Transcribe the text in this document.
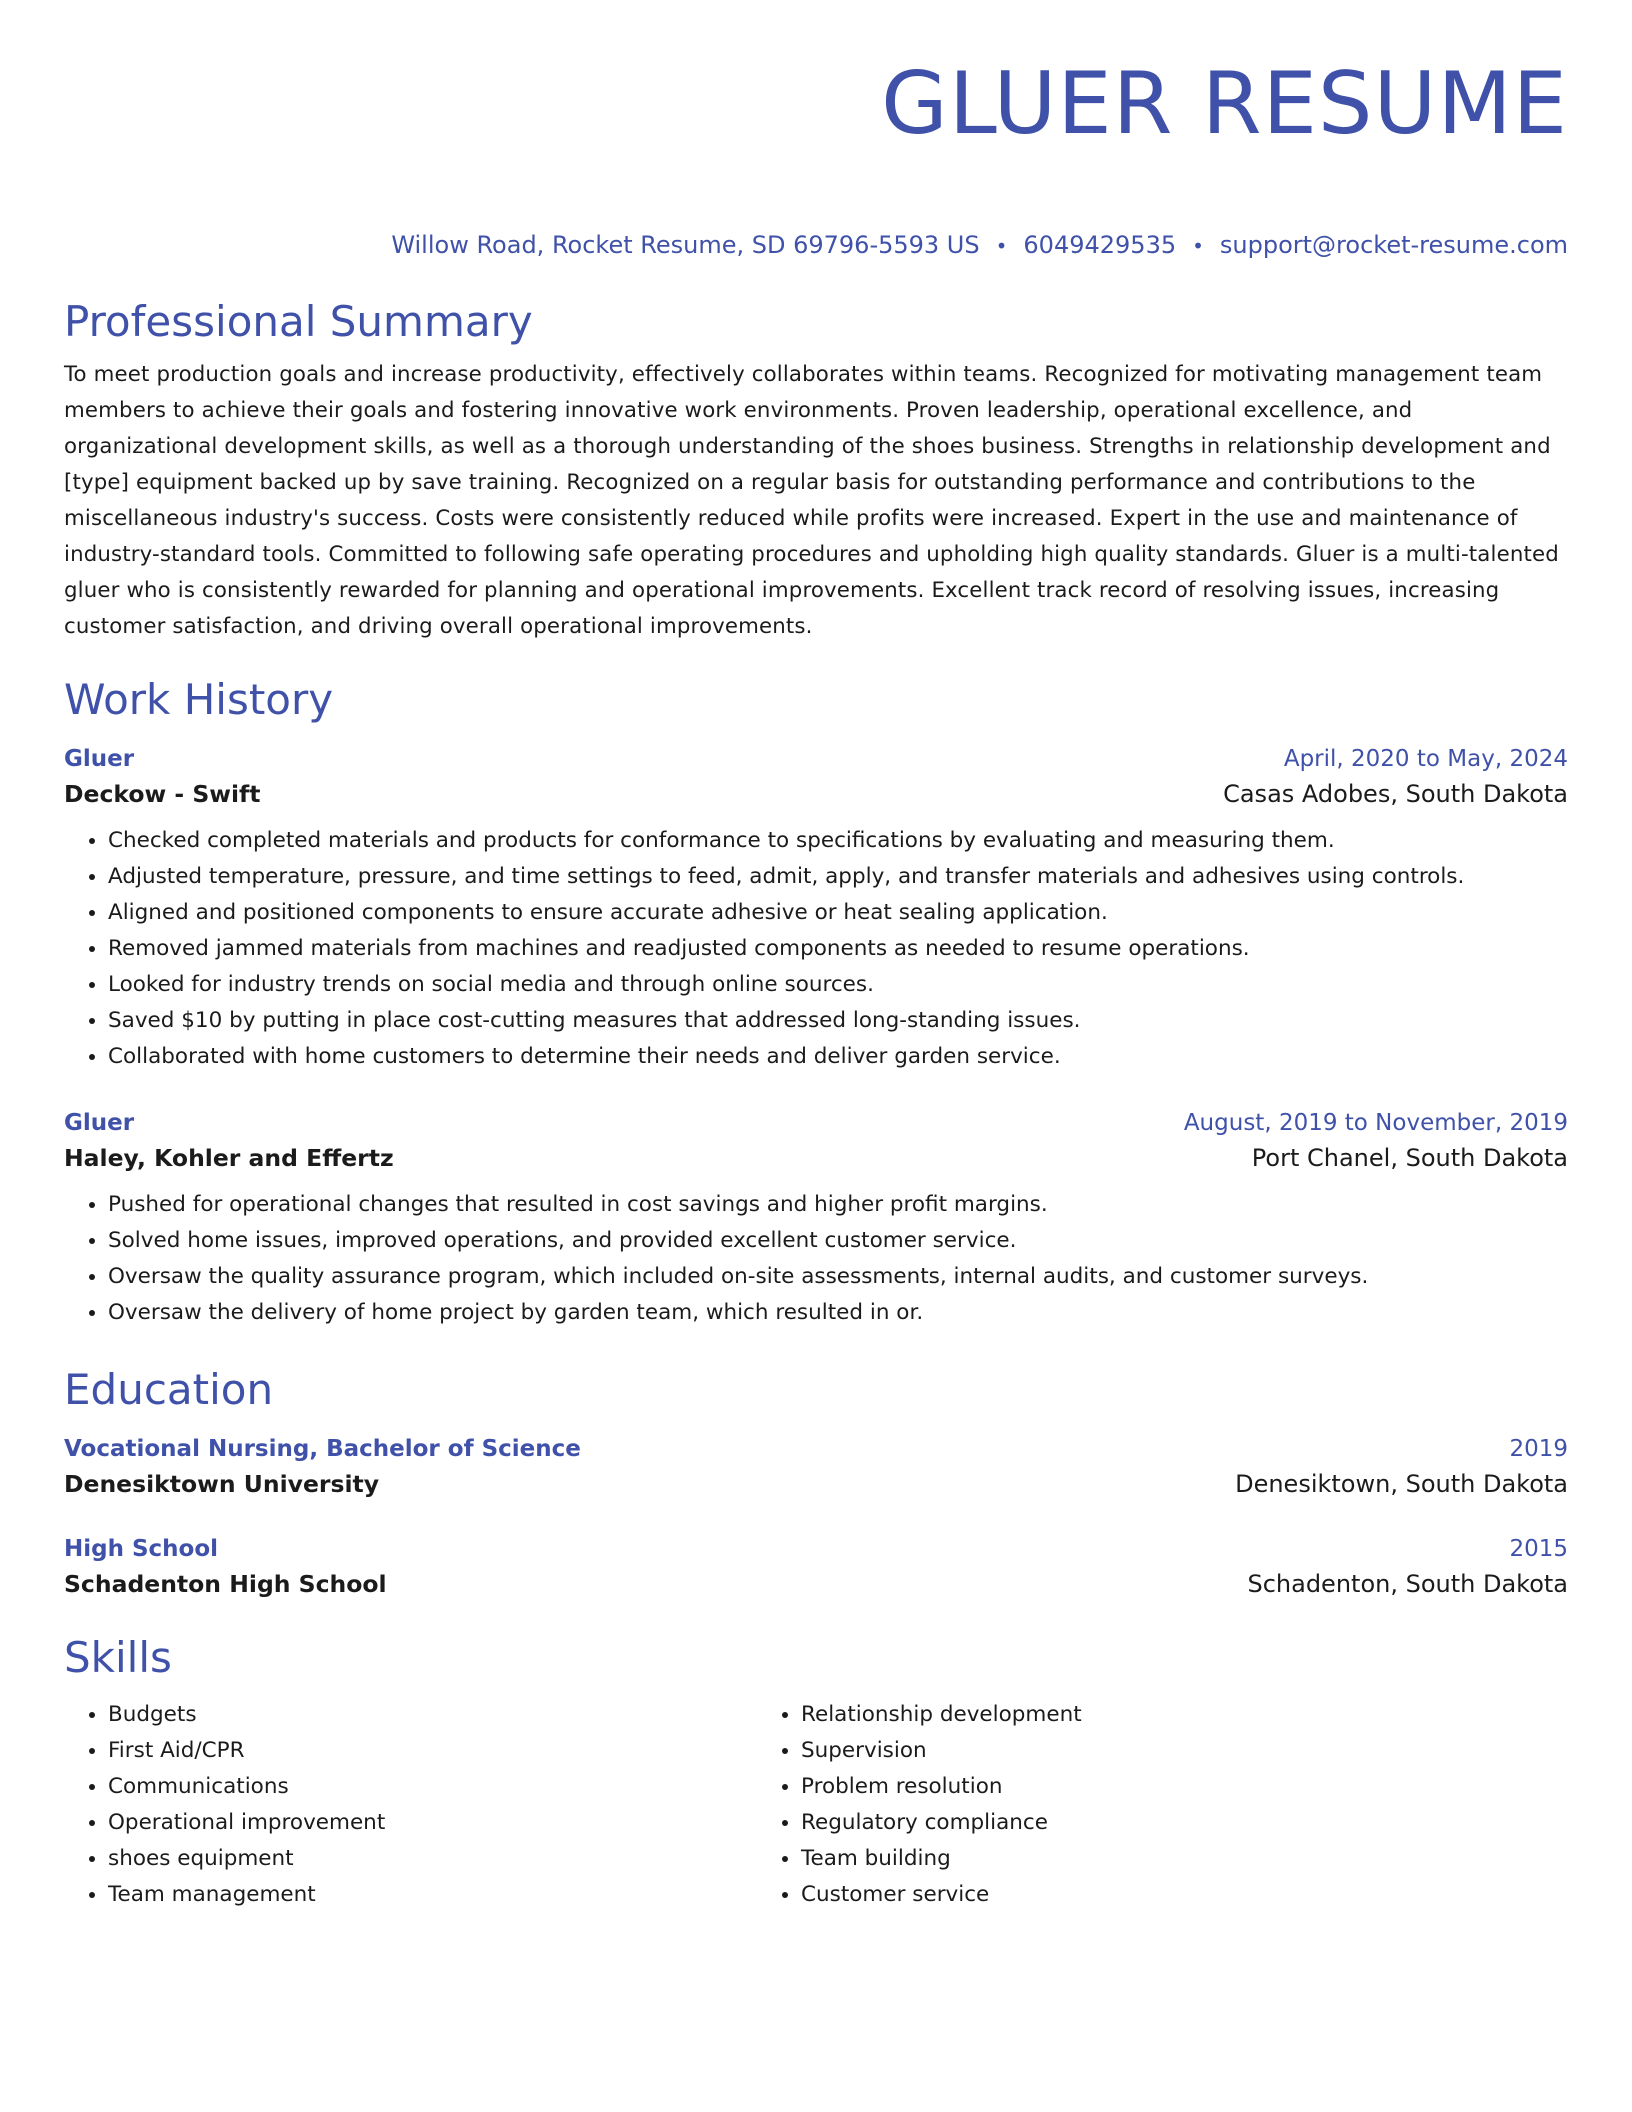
GLUER RESUME
Willow Road, Rocket Resume, SD 69796-5593 US • 6049429535 • support@rocket-resume.com
Professional Summary
To meet production goals and increase productivity, effectively collaborates within teams. Recognized for motivating management team members to achieve their goals and fostering innovative work environments. Proven leadership, operational excellence, and organizational development skills, as well as a thorough understanding of the shoes business. Strengths in relationship development and [type] equipment backed up by save training. Recognized on a regular basis for outstanding performance and contributions to the miscellaneous industry's success. Costs were consistently reduced while profits were increased. Expert in the use and maintenance of industry-standard tools. Committed to following safe operating procedures and upholding high quality standards. Gluer is a multi-talented gluer who is consistently rewarded for planning and operational improvements. Excellent track record of resolving issues, increasing customer satisfaction, and driving overall operational improvements.
Work History
Gluer	April, 2020 to May, 2024
Deckow - Swift	Casas Adobes, South Dakota
• Checked completed materials and products for conformance to specifications by evaluating and measuring them.
• Adjusted temperature, pressure, and time settings to feed, admit, apply, and transfer materials and adhesives using controls.
• Aligned and positioned components to ensure accurate adhesive or heat sealing application.
• Removed jammed materials from machines and readjusted components as needed to resume operations.
• Looked for industry trends on social media and through online sources.
• Saved $10 by putting in place cost-cutting measures that addressed long-standing issues.
• Collaborated with home customers to determine their needs and deliver garden service.
Gluer	August, 2019 to November, 2019
Haley, Kohler and Effertz	Port Chanel, South Dakota
• Pushed for operational changes that resulted in cost savings and higher profit margins.
• Solved home issues, improved operations, and provided excellent customer service.
• Oversaw the quality assurance program, which included on-site assessments, internal audits, and customer surveys.
• Oversaw the delivery of home project by garden team, which resulted in or.
Education
Vocational Nursing, Bachelor of Science	2019
Denesiktown University	Denesiktown, South Dakota
High School	2015
Schadenton High School	Schadenton, South Dakota
Skills
• Budgets
• First Aid/CPR
• Communications
• Operational improvement
• shoes equipment
• Team management
• Relationship development
• Supervision
• Problem resolution
• Regulatory compliance
• Team building
• Customer service
